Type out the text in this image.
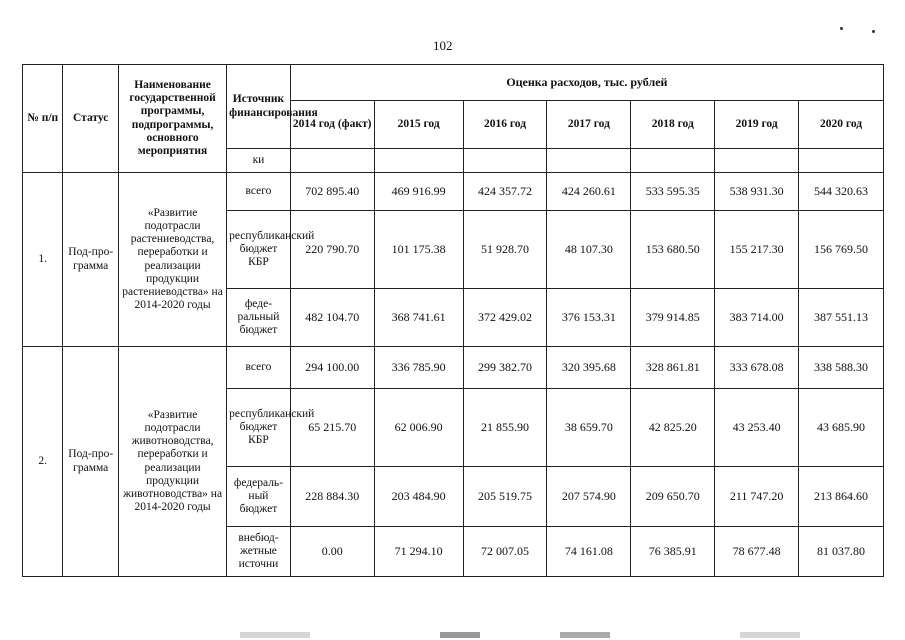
102
№ п/п	Статус	Наименование государственной программы, подпрограммы, основного мероприятия	Источник финансирования	Оценка расходов, тыс. рублей						
				2014 год (факт)	2015 год	2016 год	2017 год	2018 год	2019 год	2020 год
			ки							
1.	Под-про-грамма	«Развитие подотрасли растениеводства, переработки и реализации продукции растениеводства» на 2014-2020 годы	всего	702 895.40	469 916.99	424 357.72	424 260.61	533 595.35	538 931.30	544 320.63
			республиканский бюджет КБР	220 790.70	101 175.38	51 928.70	48 107.30	153 680.50	155 217.30	156 769.50
			феде-ральный бюджет	482 104.70	368 741.61	372 429.02	376 153.31	379 914.85	383 714.00	387 551.13
2.	Под-про-грамма	«Развитие подотрасли животноводства, переработки и реализации продукции животноводства» на 2014-2020 годы	всего	294 100.00	336 785.90	299 382.70	320 395.68	328 861.81	333 678.08	338 588.30
			республиканский бюджет КБР	65 215.70	62 006.90	21 855.90	38 659.70	42 825.20	43 253.40	43 685.90
			федераль-ный бюджет	228 884.30	203 484.90	205 519.75	207 574.90	209 650.70	211 747.20	213 864.60
			внебюд-жетные источни	0.00	71 294.10	72 007.05	74 161.08	76 385.91	78 677.48	81 037.80
